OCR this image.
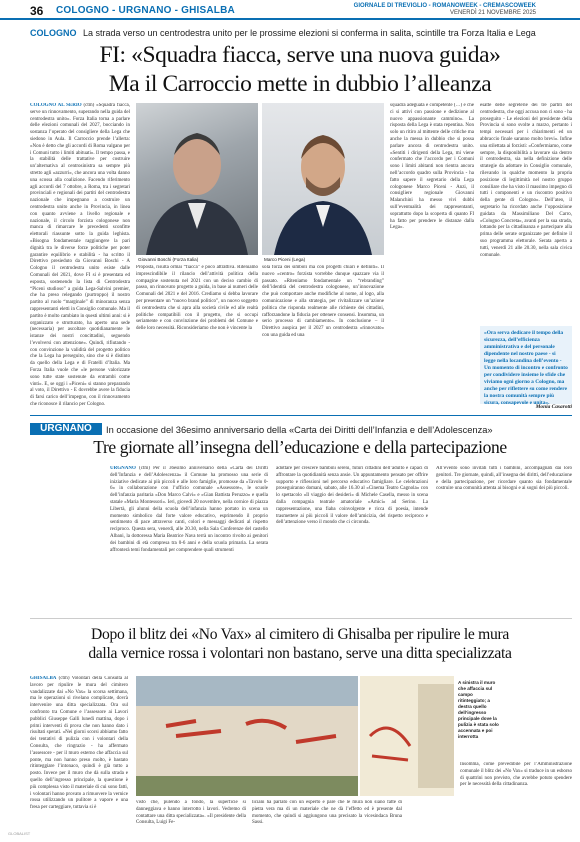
36 COLOGNO - URGNANO - GHISALBA	GIORNALE DI TREVIGLIO - ROMANOWEEK - CREMASCOWEEK
VENERDÌ 21 NOVEMBRE 2025
COLOGNO La strada verso un centrodestra unito per le prossime elezioni si conferma in salita, scintille tra Forza Italia e Lega
FI: «Squadra fiacca, serve una nuova guida»
Ma il Carroccio mette in dubbio l’alleanza
COLOGNO AL SERIO (ctm) «Squadra fiacca, serve un rinnovamento, superando nella guida del centrodestra unito». Forza Italia torna a parlare delle elezioni comunali del 2027, bocciando in sostanza l’operato del consigliere della Lega che siedono in Aula. Il Carroccio prende l’allerta: «Non è detto che gli accordi di Roma valgano per i Comuni tutto i limiti abituati». Il tempo passa, e la stabilità delle trattative per costruire un’alternativa al centrosinistra sa sempre più stretto agli «azzurri», che ancora una volta danno una scossa alla coalizione. Facendo riferimento agli accordi del 7 ottobre, a Roma, tra i segretari provinciali e regionali dei partiti del centrodestra nazionale che impegnano a costruire un centrodestra unito anche in Provincia, in linea con quanto avviene a livello regionale e nazionale, il circolo forzista cologonese non manca di rimarcare le precedenti sconfitte elettorali riassunte sotto la guida leghista. «Bisogna fondamentale raggiungere la pari dignità tra le diverse forze politiche per poter garantire equilibrio e stabilità - ha scritto il Direttivo presieduto da Giovanni Boschi - A Cologno il centrodestra unito esiste dalle Comunali del 2021, dove FI si è presentata ed esposta, sostenendo la lista di Centrodestra “Piceni studioso” a guida Lega-Salvini premier, che ha preso relegando (purtroppo) il nostro partito al ruolo “marginale” di minoranza senza rappresentanti eletti in Consiglio comunale. Ma il partito è molto cambiato in questi ultimi anni: si è organizzato e strutturato, ha aperto una sede (necessaria) per ascoltare quotidianamente le istanze dei nostri concittadini, seguendo l’evolversi con attenzione». Quindi, rifiutando - con convinzione la validità del progetto politico che la Lega ha perseguito, sino che si è distinto da quello della Lega e di Fratelli d’Italia. Ma Forza Italia vuole che «le persone valorizzate sono tutte state sostenute da entrambi come vinti». E, se oggi i «Piceni» si stanno preparando al voto, il Direttivo - E dovrebbe avere la fiducia di farsi carico dell’impegno, con il rinnovamento che riconosce il rilancio per Cologno.
Giovanni Boschi (Forza Italia)	Marco Piceni (Lega)
Proposta, risulta ormai “fiacca” e poco attrattiva. Riteniamo imprescindibile il rilancio dell’attività politica della compagine sostenuta nel 2021 con un deciso cambio di passo, un rinnovato progetto a guida, in base ai numeri delle Comunali del 2021 e del 2016. Crediamo si debba lavorare per presentare un “nuovo brand politico”, un nuovo soggetto di centrodestra che si apra alla società civile ed alle realtà politiche compatibili con il progetto, che si occupi seriamente e con convinzione dei problemi del Comune e delle loro necessità. Riconsideriamo che non è vincente la
sola forza dei simboli ma con progetti chiari e definiti». Il nuovo «centro» forzista vorrebbe dunque spazzare via il passato. «Riteniamo fondamentale un “rebranding” dell’identità del centrodestra cologonese, un’innovazione che può comportare anche modifiche al nome, al logo, alla comunicazione e alla strategia, per rivitalizzare un’azione politica che risponda realmente alle richieste dei cittadini, rafforzandone la fiducia per ottenere consensi. Insomma, un serio processo di cambiamento». In conclusione – il Direttivo auspica per il 2027 un centrodestra «rinnovato» con una guida ed una
squadra adeguata e competente (…) e che ci si attivi con passione e dedizione al nuovo appassionante cammino». La risposta della Lega è stata repentina. Non solo un ritiro al mittente delle critiche ma anche la messa in dubbio che si possa parlare ancora di centrodestra unito. «Sentiti i dirigenti della Lega, mi viene confermato che l’accordo per i Comuni sono i limiti abitanti non rientra ancora nell’accordo quadro sulla Provincia - ha fatto sapere il segretario della Lega cologonese Marco Piceni - Anzi, il consigliere regionale Giovanni Malanchini ha messo vivi dubbi sull’eventualità dei rappresentanti, soprattutto dopo la scoperta di quanto FI ha fatto per prendere le distanze dalla Lega».
esatte delle segreterie dei tre partiti del centrodestra, che oggi accusa non ci sono - ha proseguito - Le elezioni del presidente della Provincia si sono svolte a marzo, pertanto i tempi necessari per i chiarimenti ed un abbraccio finale saranno molto brevi». Infine una stilettata ai forzisti: «Confermiamo, come sempre, la disponibilità a lavorare sia dentro il centrodestra, sia nella definizione delle strategie da adottare in Consiglio comunale, rilevando in qualche momento la propria posizione di legittimità nel nostro gruppo consiliare che ha visto il massimo impegno di tutti i componenti e un riscontro positivo della gente di Cologno». Dell’ateo, il segretario ha ricordato anche l’opposizione guidata da Massimiliano Del Carro, «Cologno Concreta», avanti per la sua strada, lottando per la cittadinanza e partecipare alla prima delle serate organizzate per definire il suo programma elettorale. Serata aperta a tutti, venerdì 21 alle 20.30, nella sala civica comunale.
«Ora serva dedicare il tempo della sicurezza, dell’efficienza amministrativa e del personale dipendente nel nostro paese - si legge nella locandina dell’evento - Un momento di incontro e confronto per condividere insieme le sfide che viviamo ogni giorno a Cologno, ma anche per riflettere su come rendere la nostra comunità sempre più sicura, consapevole e unita».
Monia Casarotti
URGNANO	In occasione del 36esimo anniversario della «Carta dei Diritti dell’Infanzia e dell’Adolescenza»
Tre giornate all’insegna dell’educazione e della partecipazione
URGNANO (ctm) Per il 36esimo anniversario della «Carta dei Diritti dell’Infanzia e dell’Adolescenza» il Comune ha promosso una serie di iniziative dedicate ai più piccoli e alle loro famiglie, promosse da «Tavolo 0-6» in collaborazione con l’ufficio comunale «Assessore», le scuole dell’infanzia paritaria «Don Marco Calvi» e «Gian Battista Peruzzo» e quella statale «Maria Montessori». Ieri, giovedì 20 novembre, nella cornice di piazza Libertà, gli alunni della scuola dell’infanzia hanno portato in scena un momento simbolico dal forte valore educativo, esprimendo il proprio sentimento di pace attraverso canti, colori e messaggi dedicati al rispetto reciproco. Questa sera, venerdì, alle 20.30, nella Sala Conferenze del castello Albani, la dottoressa Maria Beatrice Nava terrà un incontro rivolto ai genitori dei bambini di età compresa tra 0-6 anni e della scuola primaria. La serata affronterà temi fondamentali per comprendere quali strumenti
adottare per crescere bambini sereni, futuri cittadini dell’adulto e capaci di affrontare la quotidianità senza ansie. Un appuntamento pensato per offrire supporto e riflessioni nel percorso educativo famigliare. Le celebrazioni proseguiranno domani, sabato, alle 16.30 al «Cinema Teatro Cagnola» con lo spettacolo «Il viaggio dei desideri» di Michele Casella, messo in scena dalla compagnia teatrale amatoriale «Amici» ad Serino. La rappresentazione, una fiaba coinvolgente e ricca di poesia, intende trasmettere ai più piccoli il valore dell’amicizia, del rispetto reciproco e dell’attenzione verso il mondo che ci circonda.
All’evento sono invitati tutti i bambini, accompagnati dai loro genitori. Tre giornate, quindi, all’insegna dei diritti, dell’educazione e della partecipazione, per ricordare quanto sia fondamentale costruire una comunità attenta ai bisogni e ai sogni dei più piccoli.
Dopo il blitz dei «No Vax» al cimitero di Ghisalba per ripulire le mura
dalla vernice rossa i volontari non bastano, serve una ditta specializzata
GHISALBA (ctm) Volontari della Consulta al lavoro per ripulire le mura del cimitero vandalizzate dai «No Vax» la scorsa settimana, ma le operazioni si rivelano complicate, dovrà intervenire una ditta specializzata. Ora sul confronto tra Comune e l’assessore ai Lavori pubblici Giuseppe Galli lunedì mattina, dopo i primi interventi di prova che non hanno dato i risultati sperati. «Nei giorni scorsi abbiamo fatto dei tentativi di pulizia con i volontari della Consulta, che ringrazio - ha affermato l’assessore - per il muro esterno che affaccia sul ponte, ma non hanno preso molto, è bastato ritinteggiare l’intonaco, quindi è già tutto a posto. Invece per il muro che dà sulla strada e quello dell’ingresso principale, la questione è più complessa visto il materiale di cui sono fatti, i volontari hanno provato a rimuovere la vernice rossa utilizzando un pulitore a vapore e una fresa per carteggiare, tuttavia si è
A sinistra il muro che affaccia sul campo ritinteggiato; a destra quello dell’ingresso principale dove la pulizia è stata solo accennata e poi interrotta
visto che, pulendo a fondo, la superficie si danneggiava e hanno interrotto i lavori. Vedremo di contattare una ditta specializzata». «Il presidente della Consulta, Luigi Fe-
liciani ha parlato con un esperto e pare che le mura non siano fatte di pietra vera ma di un materiale che ne dà l’effetto ed è presente dal momento, che quindi si aggiungono una precisato la vicesindaca Bruna Sassi.
Insomma, come prevedibile per l’Amministrazione comunale il blitz dei «No Vax» si traduce in un esborso di quattrini non previsto, che avrebbe potuto spendere per le necessità della cittadinanza.
GLOBALIST
